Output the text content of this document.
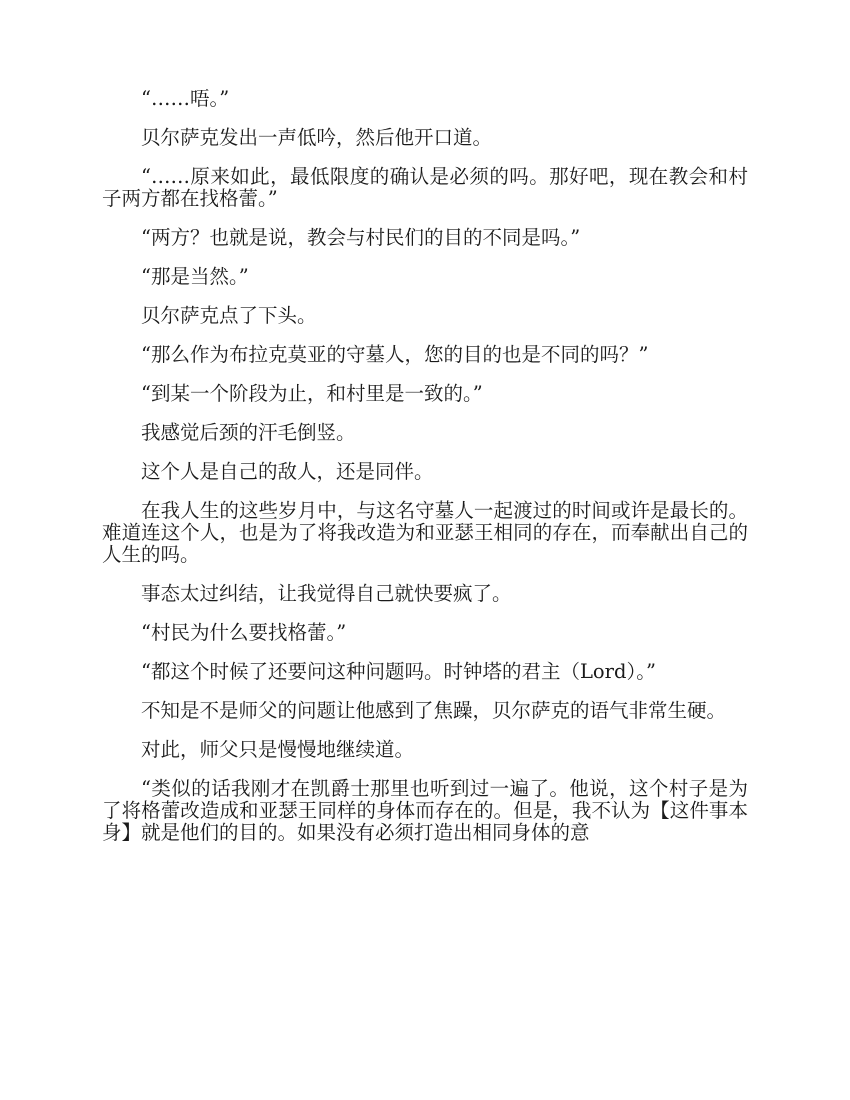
“……唔。”

贝尔萨克发出一声低吟，然后他开口道。

“……原来如此，最低限度的确认是必须的吗。那好吧，现在教会和村子两方都在找格蕾。”

“两方？也就是说，教会与村民们的目的不同是吗。”

“那是当然。”

贝尔萨克点了下头。

“那么作为布拉克莫亚的守墓人，您的目的也是不同的吗？”

“到某一个阶段为止，和村里是一致的。”

我感觉后颈的汗毛倒竖。

这个人是自己的敌人，还是同伴。

在我人生的这些岁月中，与这名守墓人一起渡过的时间或许是最长的。难道连这个人，也是为了将我改造为和亚瑟王相同的存在，而奉献出自己的人生的吗。

事态太过纠结，让我觉得自己就快要疯了。

“村民为什么要找格蕾。”

“都这个时候了还要问这种问题吗。时钟塔的君主（Lord）。”

不知是不是师父的问题让他感到了焦躁，贝尔萨克的语气非常生硬。

对此，师父只是慢慢地继续道。

“类似的话我刚才在凯爵士那里也听到过一遍了。他说，这个村子是为了将格蕾改造成和亚瑟王同样的身体而存在的。但是，我不认为【这件事本身】就是他们的目的。如果没有必须打造出相同身体的意
